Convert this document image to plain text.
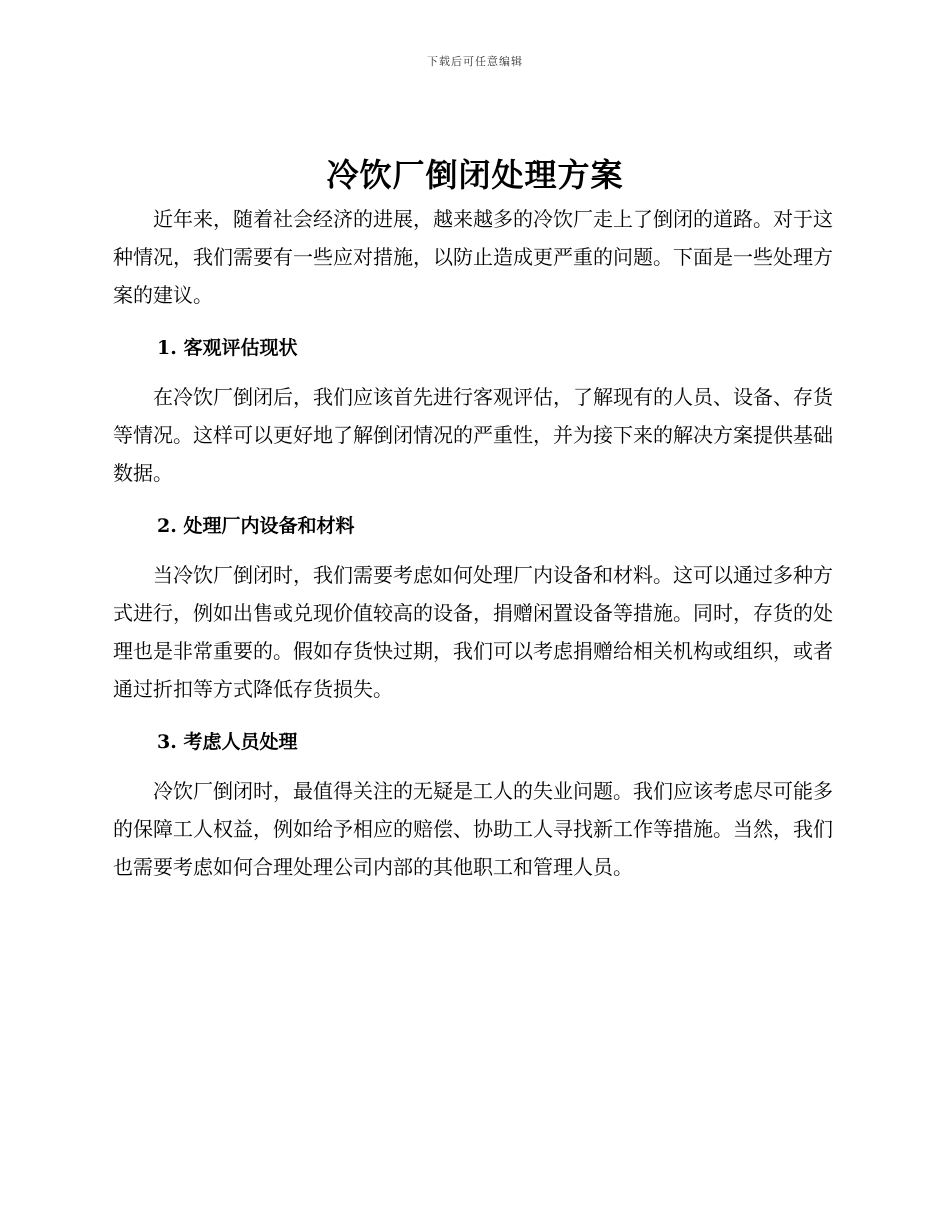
下载后可任意编辑
冷饮厂倒闭处理方案

近年来，随着社会经济的进展，越来越多的冷饮厂走上了倒闭的道路。对于这种情况，我们需要有一些应对措施，以防止造成更严重的问题。下面是一些处理方案的建议。

1. 客观评估现状

在冷饮厂倒闭后，我们应该首先进行客观评估，了解现有的人员、设备、存货等情况。这样可以更好地了解倒闭情况的严重性，并为接下来的解决方案提供基础数据。

2. 处理厂内设备和材料

当冷饮厂倒闭时，我们需要考虑如何处理厂内设备和材料。这可以通过多种方式进行，例如出售或兑现价值较高的设备，捐赠闲置设备等措施。同时，存货的处理也是非常重要的。假如存货快过期，我们可以考虑捐赠给相关机构或组织，或者通过折扣等方式降低存货损失。

3. 考虑人员处理

冷饮厂倒闭时，最值得关注的无疑是工人的失业问题。我们应该考虑尽可能多的保障工人权益，例如给予相应的赔偿、协助工人寻找新工作等措施。当然，我们也需要考虑如何合理处理公司内部的其他职工和管理人员。
